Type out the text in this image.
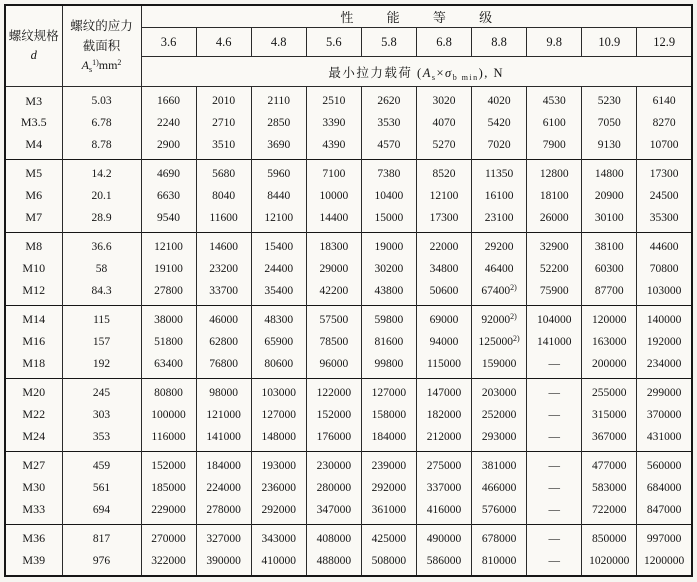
螺纹规格
d

螺纹的应力
截面积
$A_s^{1)}mm^2$
	性 能 等 级
		3.6	4.6	4.8	5.6	5.8	6.8	8.8	9.8	10.9	12.9
		最小拉力载荷 $(A_s\times\sigma_{b min})$, N									
M3	5.03	1660	2010	2110	2510	2620	3020	4020	4530	5230	6140
M3.5	6.78	2240	2710	2850	3390	3530	4070	5420	6100	7050	8270
M4	8.78	2900	3510	3690	4390	4570	5270	7020	7900	9130	10700
M5	14.2	4690	5680	5960	7100	7380	8520	11350	12800	14800	17300
M6	20.1	6630	8040	8440	10000	10400	12100	16100	18100	20900	24500
M7	28.9	9540	11600	12100	14400	15000	17300	23100	26000	30100	35300
M8	36.6	12100	14600	15400	18300	19000	22000	29200	32900	38100	44600
M10	58	19100	23200	24400	29000	30200	34800	46400	52200	60300	70800
M12	84.3	27800	33700	35400	42200	43800	50600	67400$^{2)}$	75900	87700	103000
M14	115	38000	46000	48300	57500	59800	69000	92000$^{2)}$	104000	120000	140000
M16	157	51800	62800	65900	78500	81600	94000	125000$^{2)}$	141000	163000	192000
M18	192	63400	76800	80600	96000	99800	115000	159000	—	200000	234000
M20	245	80800	98000	103000	122000	127000	147000	203000	—	255000	299000
M22	303	100000	121000	127000	152000	158000	182000	252000	—	315000	370000
M24	353	116000	141000	148000	176000	184000	212000	293000	—	367000	431000
M27	459	152000	184000	193000	230000	239000	275000	381000	—	477000	560000
M30	561	185000	224000	236000	280000	292000	337000	466000	—	583000	684000
M33	694	229000	278000	292000	347000	361000	416000	576000	—	722000	847000
M36	817	270000	327000	343000	408000	425000	490000	678000	—	850000	997000
M39	976	322000	390000	410000	488000	508000	586000	810000	—	1020000	1200000
